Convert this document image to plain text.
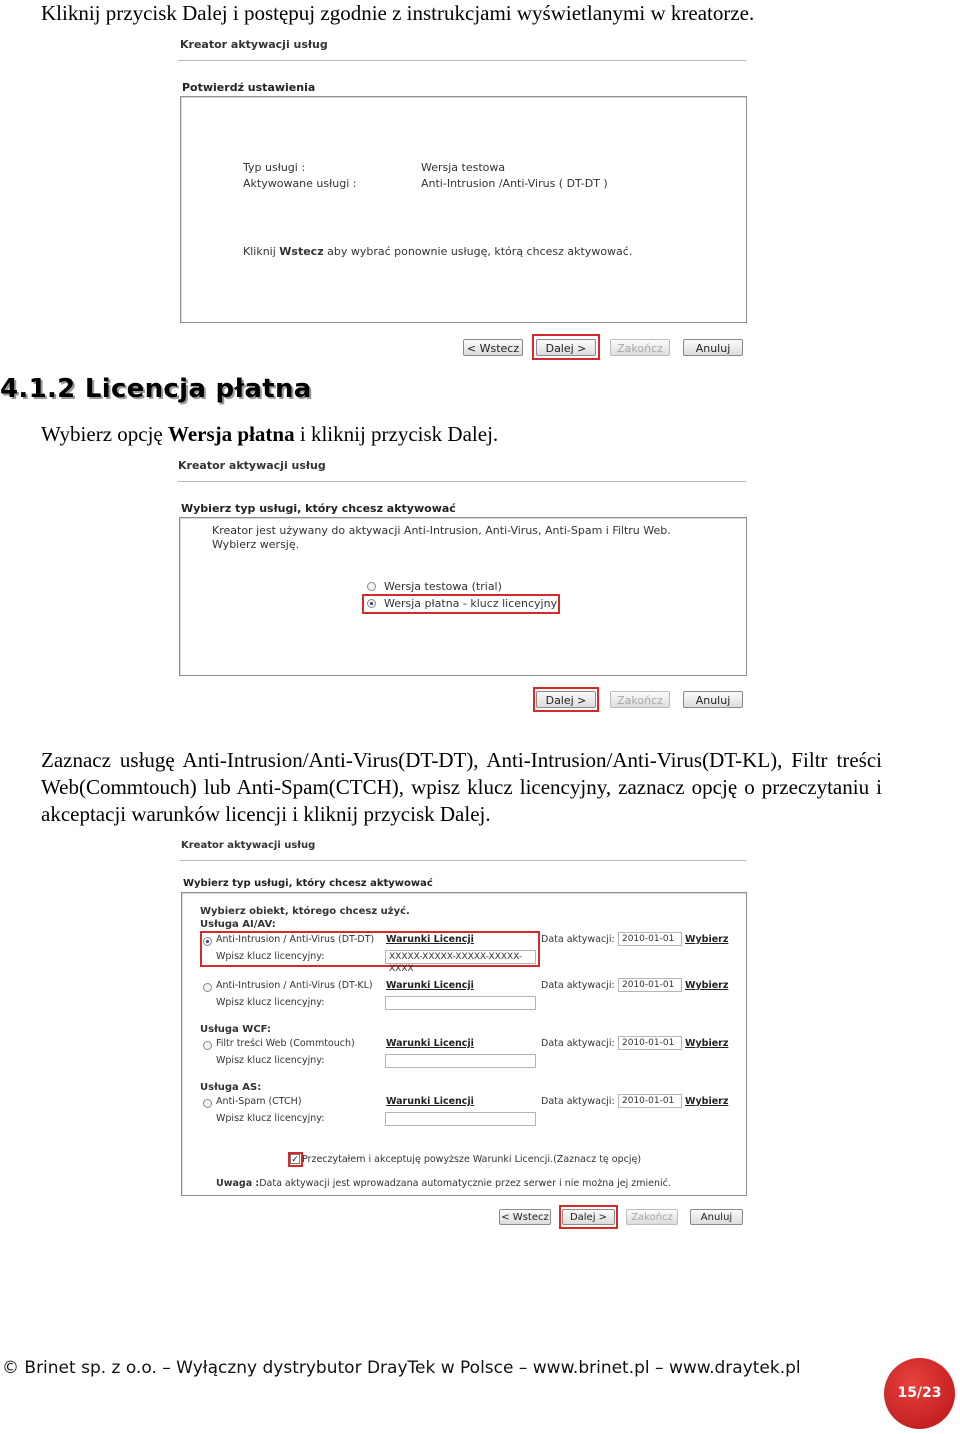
Kliknij przycisk Dalej i postępuj zgodnie z instrukcjami wyświetlanymi w kreatorze.
Kreator aktywacji usług
Potwierdź ustawienia
Typ usługi :	Wersja testowa
Aktywowane usługi :	Anti-Intrusion /Anti-Virus ( DT-DT )
Kliknij Wstecz aby wybrać ponownie usługę, którą chcesz aktywować.
< Wstecz	Dalej >	Zakończ	Anuluj
4.1.2 Licencja płatna
Wybierz opcję Wersja płatna i kliknij przycisk Dalej.
Kreator aktywacji usług
Wybierz typ usługi, który chcesz aktywować
Kreator jest używany do aktywacji Anti-Intrusion, Anti-Virus, Anti-Spam i Filtru Web.
Wybierz wersję.
Wersja testowa (trial)
Wersja płatna - klucz licencyjny
Dalej >	Zakończ	Anuluj
Zaznacz usługę Anti-Intrusion/Anti-Virus(DT-DT), Anti-Intrusion/Anti-Virus(DT-KL), Filtr treści Web(Commtouch) lub Anti-Spam(CTCH), wpisz klucz licencyjny, zaznacz opcję o przeczytaniu i akceptacji warunków licencji i kliknij przycisk Dalej.
Kreator aktywacji usług
Wybierz typ usługi, który chcesz aktywować
Wybierz obiekt, którego chcesz użyć.
Usługa AI/AV:
Anti-Intrusion / Anti-Virus (DT-DT) Warunki Licencji	Data aktywacji: 2010-01-01	Wybierz
Wpisz klucz licencyjny:	XXXXX-XXXXX-XXXXX-XXXXX-XXXX
Anti-Intrusion / Anti-Virus (DT-KL) Warunki Licencji	Data aktywacji: 2010-01-01	Wybierz
Wpisz klucz licencyjny:
Usługa WCF:
Filtr treści Web (Commtouch)	Warunki Licencji	Data aktywacji: 2010-01-01	Wybierz
Wpisz klucz licencyjny:
Usługa AS:
Anti-Spam (CTCH)	Warunki Licencji	Data aktywacji: 2010-01-01	Wybierz
Wpisz klucz licencyjny:
✓ Przeczytałem i akceptuję powyższe Warunki Licencji.(Zaznacz tę opcję)
Uwaga :Data aktywacji jest wprowadzana automatycznie przez serwer i nie można jej zmienić.
< Wstecz	Dalej >	Zakończ	Anuluj
© Brinet sp. z o.o. – Wyłączny dystrybutor DrayTek w Polsce – www.brinet.pl – www.draytek.pl
15/23
